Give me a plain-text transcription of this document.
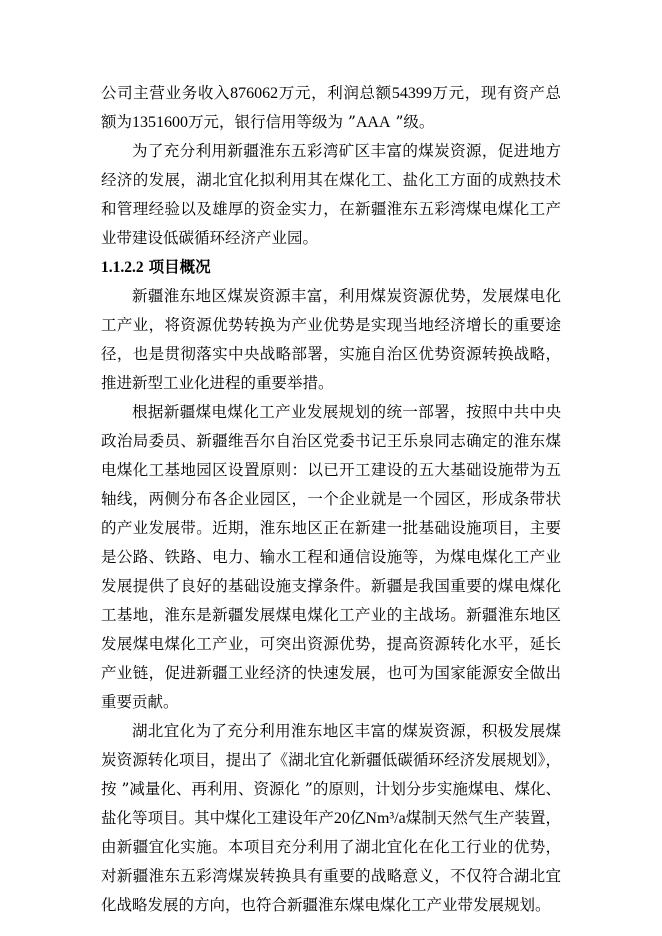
公司主营业务收入876062万元，利润总额54399万元，现有资产总额为1351600万元，银行信用等级为 ”AAA ”级。

为了充分利用新疆淮东五彩湾矿区丰富的煤炭资源，促进地方经济的发展，湖北宜化拟利用其在煤化工、盐化工方面的成熟技术和管理经验以及雄厚的资金实力，在新疆淮东五彩湾煤电煤化工产业带建设低碳循环经济产业园。

1.1.2.2 项目概况

新疆淮东地区煤炭资源丰富，利用煤炭资源优势，发展煤电化工产业，将资源优势转换为产业优势是实现当地经济增长的重要途径，也是贯彻落实中央战略部署，实施自治区优势资源转换战略，推进新型工业化进程的重要举措。

根据新疆煤电煤化工产业发展规划的统一部署，按照中共中央政治局委员、新疆维吾尔自治区党委书记王乐泉同志确定的淮东煤电煤化工基地园区设置原则：以已开工建设的五大基础设施带为五轴线，两侧分布各企业园区，一个企业就是一个园区，形成条带状的产业发展带。近期，淮东地区正在新建一批基础设施项目，主要是公路、铁路、电力、输水工程和通信设施等，为煤电煤化工产业发展提供了良好的基础设施支撑条件。新疆是我国重要的煤电煤化工基地，淮东是新疆发展煤电煤化工产业的主战场。新疆淮东地区发展煤电煤化工产业，可突出资源优势，提高资源转化水平，延长产业链，促进新疆工业经济的快速发展，也可为国家能源安全做出重要贡献。

湖北宜化为了充分利用淮东地区丰富的煤炭资源，积极发展煤炭资源转化项目，提出了《湖北宜化新疆低碳循环经济发展规划》，按 ”减量化、再利用、资源化 ”的原则，计划分步实施煤电、煤化、盐化等项目。其中煤化工建设年产20亿Nm³/a煤制天然气生产装置，由新疆宜化实施。本项目充分利用了湖北宜化在化工行业的优势，对新疆淮东五彩湾煤炭转换具有重要的战略意义，不仅符合湖北宜化战略发展的方向，也符合新疆淮东煤电煤化工产业带发展规划。
